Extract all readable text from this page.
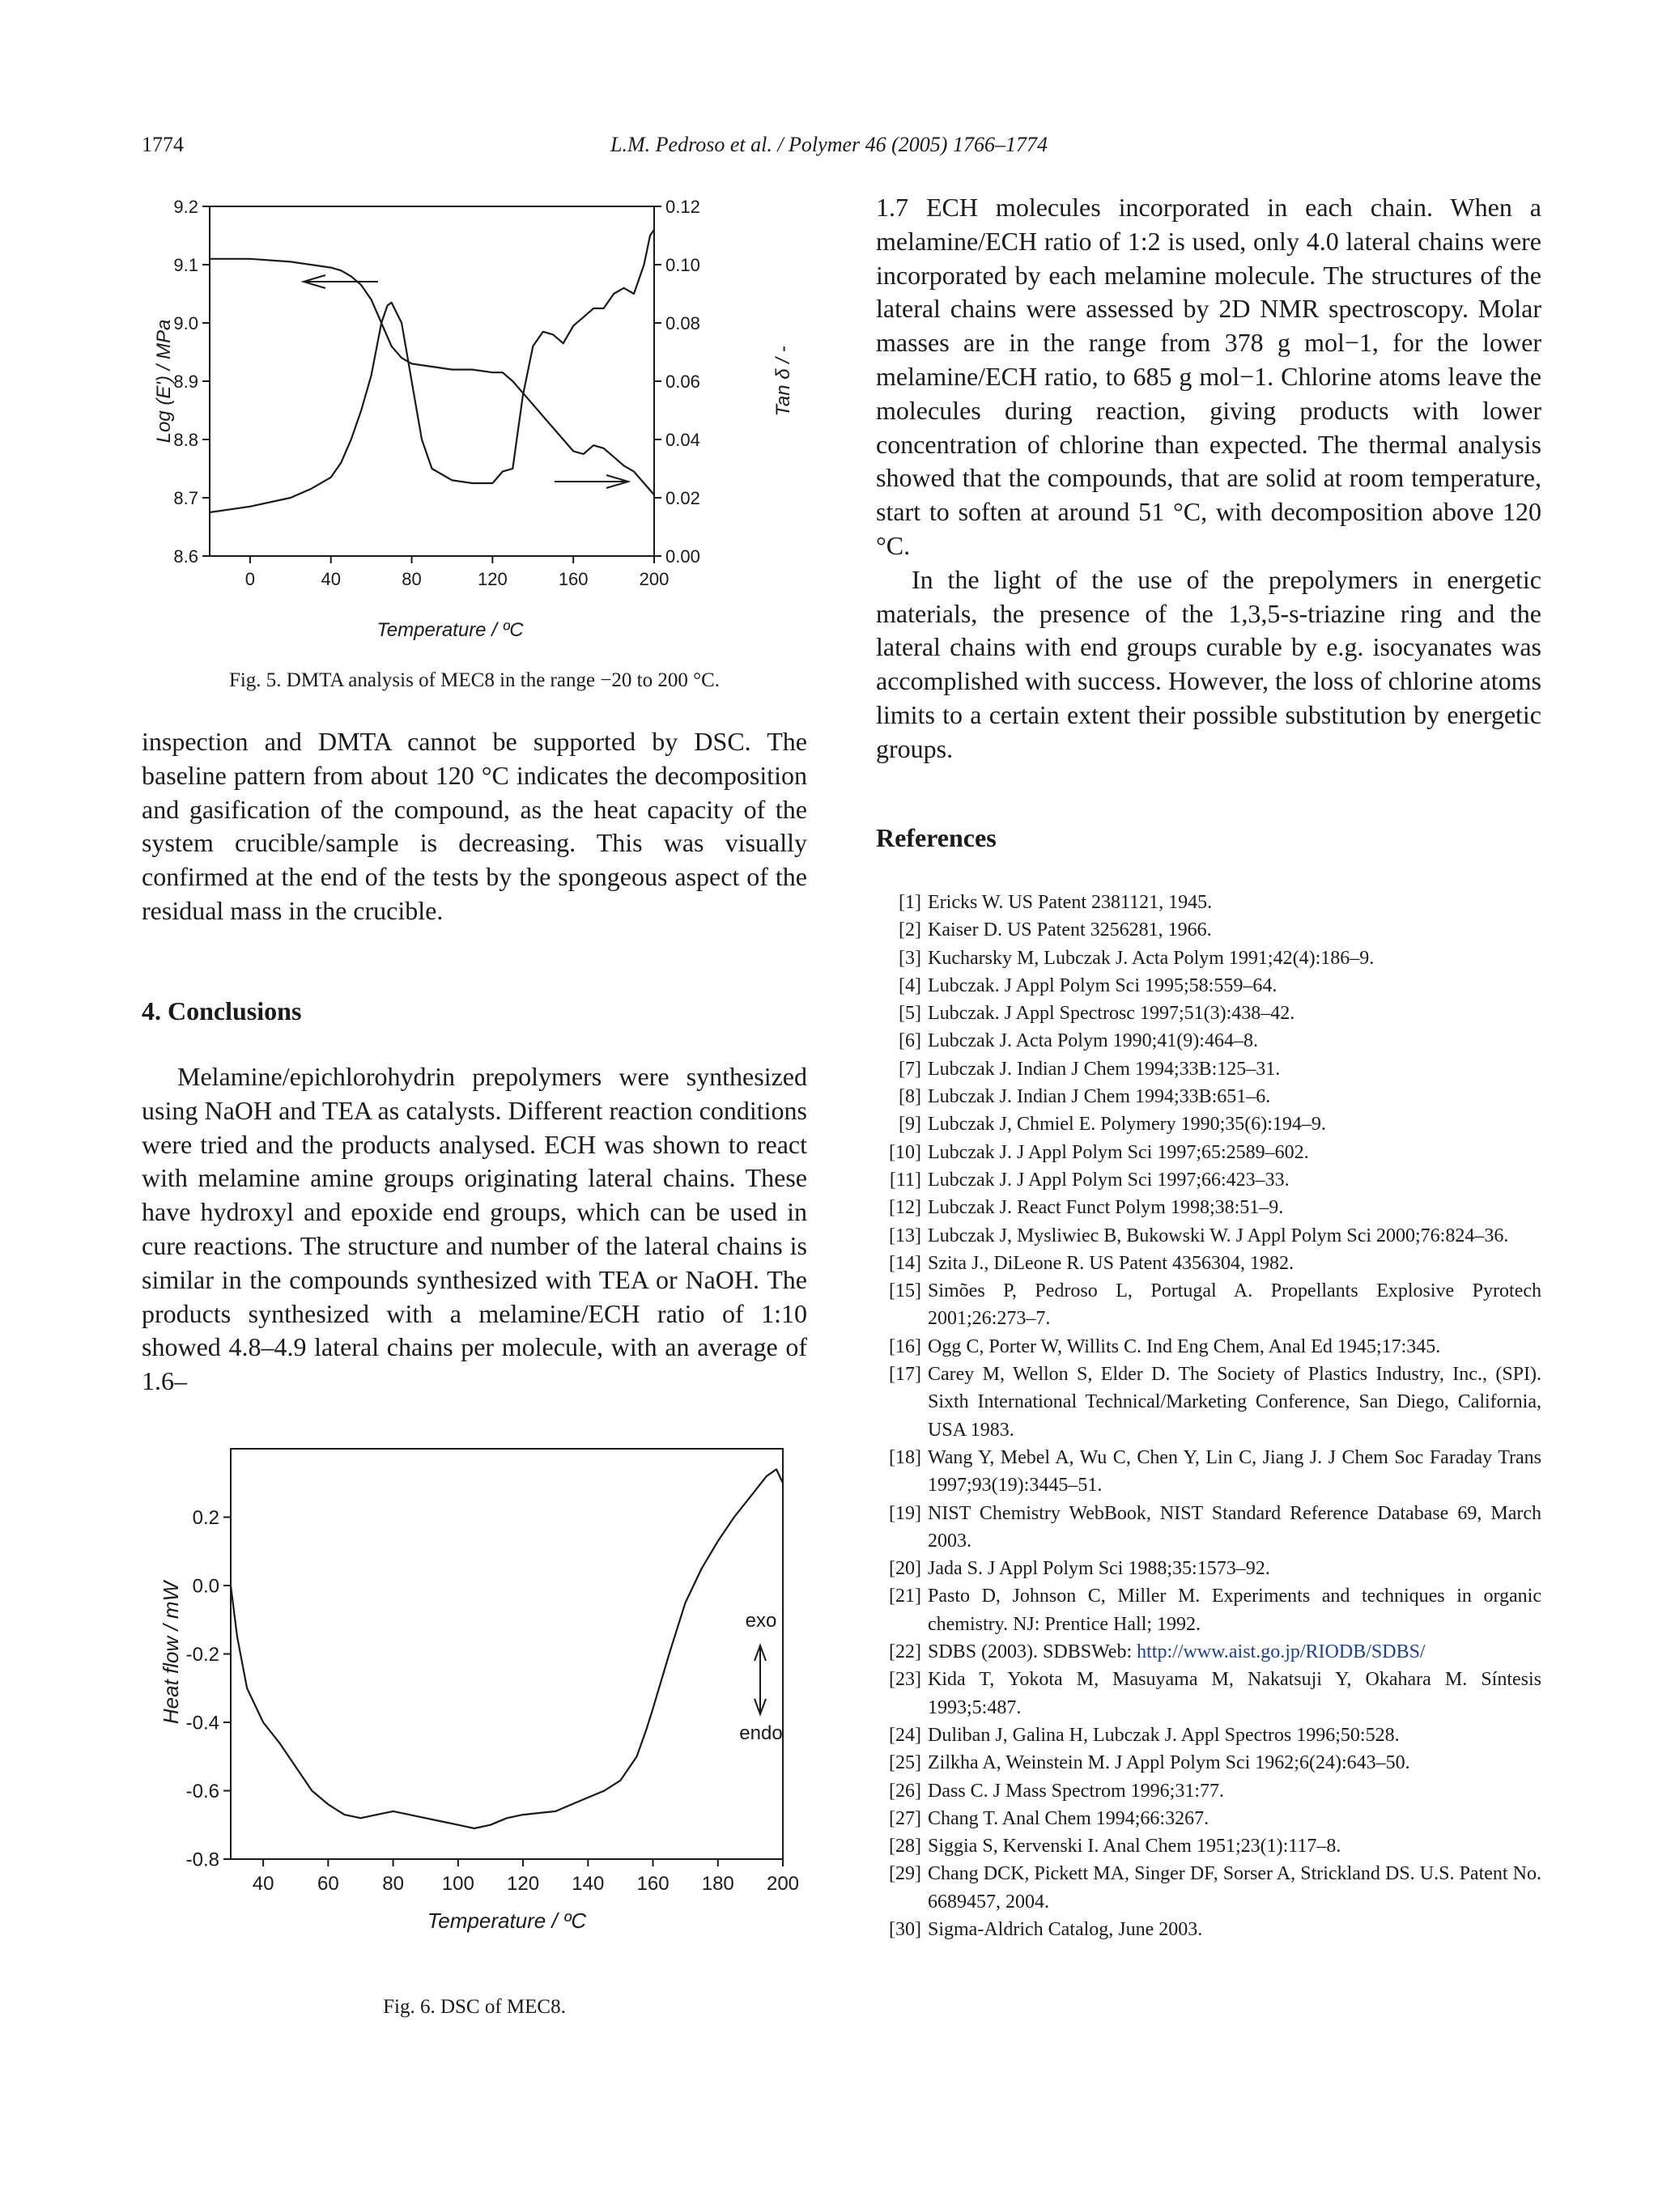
1774	L.M. Pedroso et al. / Polymer 46 (2005) 1766–1774
0	40	80	120	160	200
9.2
9.1
9.0
8.9
8.8
8.7
8.6
0.12
0.10
0.08
0.06
0.04
0.02
0.00
Log (E') / MPa	Tan δ / -
Temperature / ºC
Fig. 5. DMTA analysis of MEC8 in the range −20 to 200 °C.

inspection and DMTA cannot be supported by DSC. The baseline pattern from about 120 °C indicates the decomposition and gasification of the compound, as the heat capacity of the system crucible/sample is decreasing. This was visually confirmed at the end of the tests by the spongeous aspect of the residual mass in the crucible.

4. Conclusions

Melamine/epichlorohydrin prepolymers were synthesized using NaOH and TEA as catalysts. Different reaction conditions were tried and the products analysed. ECH was shown to react with melamine amine groups originating lateral chains. These have hydroxyl and epoxide end groups, which can be used in cure reactions. The structure and number of the lateral chains is similar in the compounds synthesized with TEA or NaOH. The products synthesized with a melamine/ECH ratio of 1:10 showed 4.8–4.9 lateral chains per molecule, with an average of 1.6–

40 60 80 100 120 140 160 180 200
0.2
0.0
-0.2
-0.4
-0.6
-0.8
Heat flow / mW
Temperature / ºC
exo
endo
Fig. 6. DSC of MEC8.

1.7 ECH molecules incorporated in each chain. When a melamine/ECH ratio of 1:2 is used, only 4.0 lateral chains were incorporated by each melamine molecule. The structures of the lateral chains were assessed by 2D NMR spectroscopy. Molar masses are in the range from 378 g mol−1, for the lower melamine/ECH ratio, to 685 g mol−1. Chlorine atoms leave the molecules during reaction, giving products with lower concentration of chlorine than expected. The thermal analysis showed that the compounds, that are solid at room temperature, start to soften at around 51 °C, with decomposition above 120 °C.

In the light of the use of the prepolymers in energetic materials, the presence of the 1,3,5-s-triazine ring and the lateral chains with end groups curable by e.g. isocyanates was accomplished with success. However, the loss of chlorine atoms limits to a certain extent their possible substitution by energetic groups.

References
[1] Ericks W. US Patent 2381121, 1945.
[2] Kaiser D. US Patent 3256281, 1966.
[3] Kucharsky M, Lubczak J. Acta Polym 1991;42(4):186–9.
[4] Lubczak. J Appl Polym Sci 1995;58:559–64.
[5] Lubczak. J Appl Spectrosc 1997;51(3):438–42.
[6] Lubczak J. Acta Polym 1990;41(9):464–8.
[7] Lubczak J. Indian J Chem 1994;33B:125–31.
[8] Lubczak J. Indian J Chem 1994;33B:651–6.
[9] Lubczak J, Chmiel E. Polymery 1990;35(6):194–9.
[10] Lubczak J. J Appl Polym Sci 1997;65:2589–602.
[11] Lubczak J. J Appl Polym Sci 1997;66:423–33.
[12] Lubczak J. React Funct Polym 1998;38:51–9.
[13] Lubczak J, Mysliwiec B, Bukowski W. J Appl Polym Sci 2000;76:824–36.
[14] Szita J., DiLeone R. US Patent 4356304, 1982.
[15] Simões P, Pedroso L, Portugal A. Propellants Explosive Pyrotech 2001;26:273–7.
[16] Ogg C, Porter W, Willits C. Ind Eng Chem, Anal Ed 1945;17:345.
[17] Carey M, Wellon S, Elder D. The Society of Plastics Industry, Inc., (SPI). Sixth International Technical/Marketing Conference, San Diego, California, USA 1983.
[18] Wang Y, Mebel A, Wu C, Chen Y, Lin C, Jiang J. J Chem Soc Faraday Trans 1997;93(19):3445–51.
[19] NIST Chemistry WebBook, NIST Standard Reference Database 69, March 2003.
[20] Jada S. J Appl Polym Sci 1988;35:1573–92.
[21] Pasto D, Johnson C, Miller M. Experiments and techniques in organic chemistry. NJ: Prentice Hall; 1992.
[22] SDBS (2003). SDBSWeb: http://www.aist.go.jp/RIODB/SDBS/
[23] Kida T, Yokota M, Masuyama M, Nakatsuji Y, Okahara M. Síntesis 1993;5:487.
[24] Duliban J, Galina H, Lubczak J. Appl Spectros 1996;50:528.
[25] Zilkha A, Weinstein M. J Appl Polym Sci 1962;6(24):643–50.
[26] Dass C. J Mass Spectrom 1996;31:77.
[27] Chang T. Anal Chem 1994;66:3267.
[28] Siggia S, Kervenski I. Anal Chem 1951;23(1):117–8.
[29] Chang DCK, Pickett MA, Singer DF, Sorser A, Strickland DS. U.S. Patent No. 6689457, 2004.
[30] Sigma-Aldrich Catalog, June 2003.
